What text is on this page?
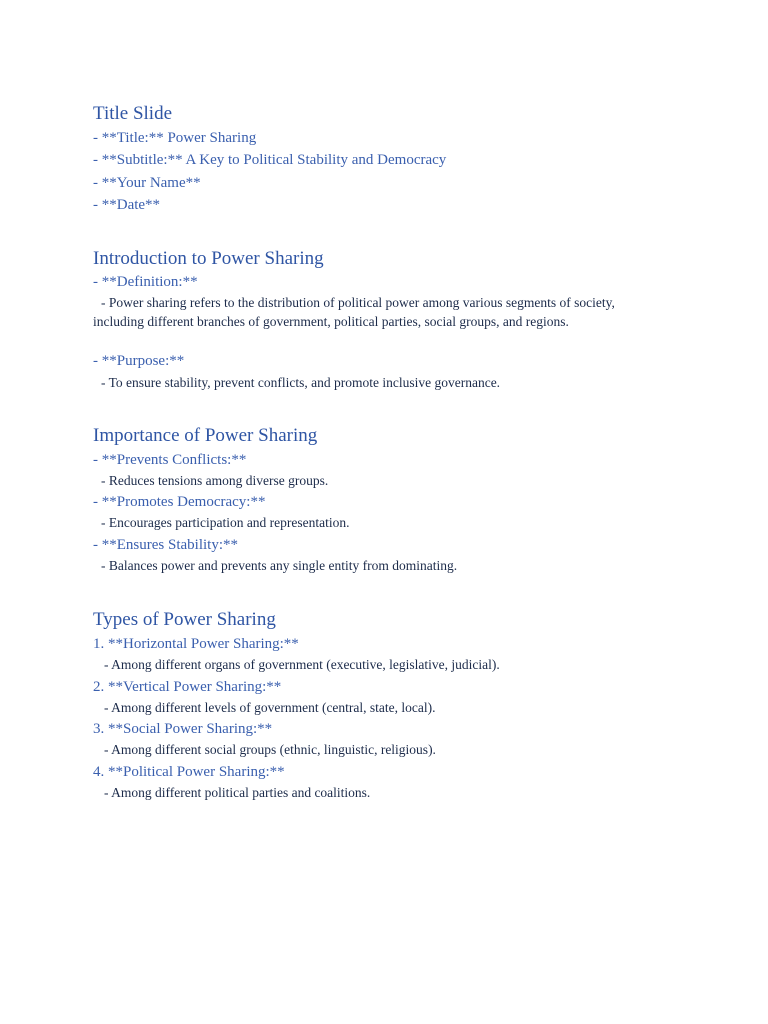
Title Slide
- **Title:** Power Sharing
- **Subtitle:** A Key to Political Stability and Democracy
- **Your Name**
- **Date**
Introduction to Power Sharing
- **Definition:**
- Power sharing refers to the distribution of political power among various segments of society, including different branches of government, political parties, social groups, and regions.
- **Purpose:**
- To ensure stability, prevent conflicts, and promote inclusive governance.
Importance of Power Sharing
- **Prevents Conflicts:**
- Reduces tensions among diverse groups.
- **Promotes Democracy:**
- Encourages participation and representation.
- **Ensures Stability:**
- Balances power and prevents any single entity from dominating.
Types of Power Sharing
1. **Horizontal Power Sharing:**
- Among different organs of government (executive, legislative, judicial).
2. **Vertical Power Sharing:**
- Among different levels of government (central, state, local).
3. **Social Power Sharing:**
- Among different social groups (ethnic, linguistic, religious).
4. **Political Power Sharing:**
- Among different political parties and coalitions.
